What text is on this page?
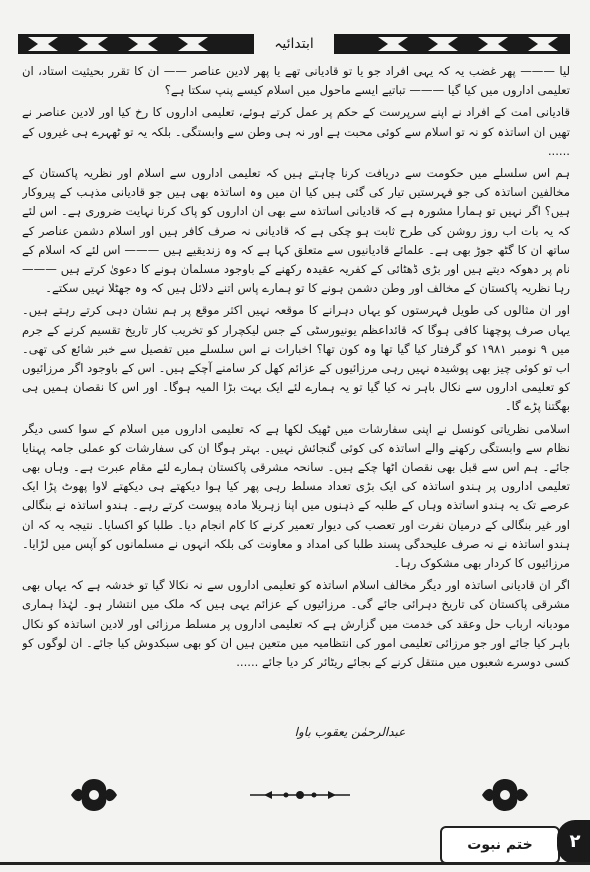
ابتدائیہ

لیا ——— پھر غضب یہ کہ یہی افراد جو یا تو قادیانی تھے یا پھر لادین عناصر —— ان کا تقرر بحیثیت استاد، ان تعلیمی اداروں میں کیا گیا ——— تباتیے ایسے ماحول میں اسلام کیسے پنپ سکتا ہے؟

قادیانی امت کے افراد نے اپنے سرپرست کے حکم پر عمل کرتے ہوئے، تعلیمی اداروں کا رخ کیا اور لادین عناصر نے تھیں ان اساتذہ کو نہ تو اسلام سے کوئی محبت ہے اور نہ ہی وطن سے وابستگی۔ بلکہ یہ تو ٹھہرے ہی غیروں کے ......

ہم اس سلسلے میں حکومت سے دریافت کرنا چاہتے ہیں کہ تعلیمی اداروں سے اسلام اور نظریہ پاکستان کے مخالفین اساتذہ کی جو فہرستیں تیار کی گئی ہیں کیا ان میں وہ اساتذہ بھی ہیں جو قادیانی مذہب کے پیروکار ہیں؟ اگر نہیں تو ہمارا مشورہ ہے کہ قادیانی اساتذہ سے بھی ان اداروں کو پاک کرنا نہایت ضروری ہے۔ اس لئے کہ یہ بات اب روز روشن کی طرح ثابت ہو چکی ہے کہ قادیانی نہ صرف کافر ہیں اور اسلام دشمن عناصر کے ساتھ ان کا گٹھ جوڑ بھی ہے۔ علمائے قادیانیوں سے متعلق کہا ہے کہ وہ زندیقیے ہیں ——— اس لئے کہ اسلام کے نام پر دھوکہ دیتے ہیں اور بڑی ڈھٹائی کے کفریہ عقیدہ رکھنے کے باوجود مسلمان ہونے کا دعویٰ کرتے ہیں ——— رہا نظریہ پاکستان کے مخالف اور وطن دشمن ہونے کا تو ہمارے پاس اتنے دلائل ہیں کہ وہ جھٹلا نہیں سکتے۔

اور ان مثالوں کی طویل فہرستوں کو یہاں دہرانے کا موقعہ نہیں اکثر موقع پر ہم نشان دہی کرتے رہتے ہیں۔ یہاں صرف پوچھنا کافی ہوگا کہ قائداعظم یونیورسٹی کے جس لیکچرار کو تخریب کار تاریخ تقسیم کرنے کے جرم میں ۹ نومبر ۱۹۸۱ کو گرفتار کیا گیا تھا وہ کون تھا؟ اخبارات نے اس سلسلے میں تفصیل سے خبر شائع کی تھی۔ اب تو کوئی چیز بھی پوشیدہ نہیں رہی مرزائیوں کے عزائم کھل کر سامنے آچکے ہیں۔ اس کے باوجود اگر مرزائیوں کو تعلیمی اداروں سے نکال باہر نہ کیا گیا تو یہ ہمارے لئے ایک بہت بڑا المیہ ہوگا۔ اور اس کا نقصان ہمیں ہی بھگتنا پڑے گا۔

اسلامی نظریاتی کونسل نے اپنی سفارشات میں ٹھیک لکھا ہے کہ تعلیمی اداروں میں اسلام کے سوا کسی دیگر نظام سے وابستگی رکھنے والے اساتذہ کی کوئی گنجائش نہیں۔ بہتر ہوگا ان کی سفارشات کو عملی جامہ پہنایا جائے۔ ہم اس سے قبل بھی نقصان اٹھا چکے ہیں۔ سانحہ مشرقی پاکستان ہمارے لئے مقام عبرت ہے۔ وہاں بھی تعلیمی اداروں پر ہندو اساتذہ کی ایک بڑی تعداد مسلط رہی پھر کیا ہوا دیکھتے ہی دیکھتے لاوا پھوٹ پڑا ایک عرصے تک یہ ہندو اساتذہ وہاں کے طلبہ کے ذہنوں میں اپنا زہریلا مادہ پیوست کرتے رہے۔ ہندو اساتذہ نے بنگالی اور غیر بنگالی کے درمیان نفرت اور تعصب کی دیوار تعمیر کرنے کا کام انجام دیا۔ طلبا کو اکسایا۔ نتیجہ یہ کہ ان ہندو اساتذہ نے نہ صرف علیحدگی پسند طلبا کی امداد و معاونت کی بلکہ انہوں نے مسلمانوں کو آپس میں لڑایا۔ مرزائیوں کا کردار بھی مشکوک رہا۔

اگر ان قادیانی اساتذہ اور دیگر مخالف اسلام اساتذہ کو تعلیمی اداروں سے نہ نکالا گیا تو خدشہ ہے کہ یہاں بھی مشرقی پاکستان کی تاریخ دہرائی جائے گی۔ مرزائیوں کے عزائم یہی ہیں کہ ملک میں انتشار ہو۔ لہٰذا ہماری مودبانہ ارباب حل وعقد کی خدمت میں گزارش ہے کہ تعلیمی اداروں پر مسلط مرزائی اور لادین اساتذہ کو نکال باہر کیا جائے اور جو مرزائی تعلیمی امور کی انتظامیہ میں متعین ہیں ان کو بھی سبکدوش کیا جائے۔ ان لوگوں کو کسی دوسرے شعبوں میں منتقل کرنے کے بجائے ریٹائر کر دیا جائے ......

عبدالرحمٰن یعقوب باوا
ختم نبوت	۲
